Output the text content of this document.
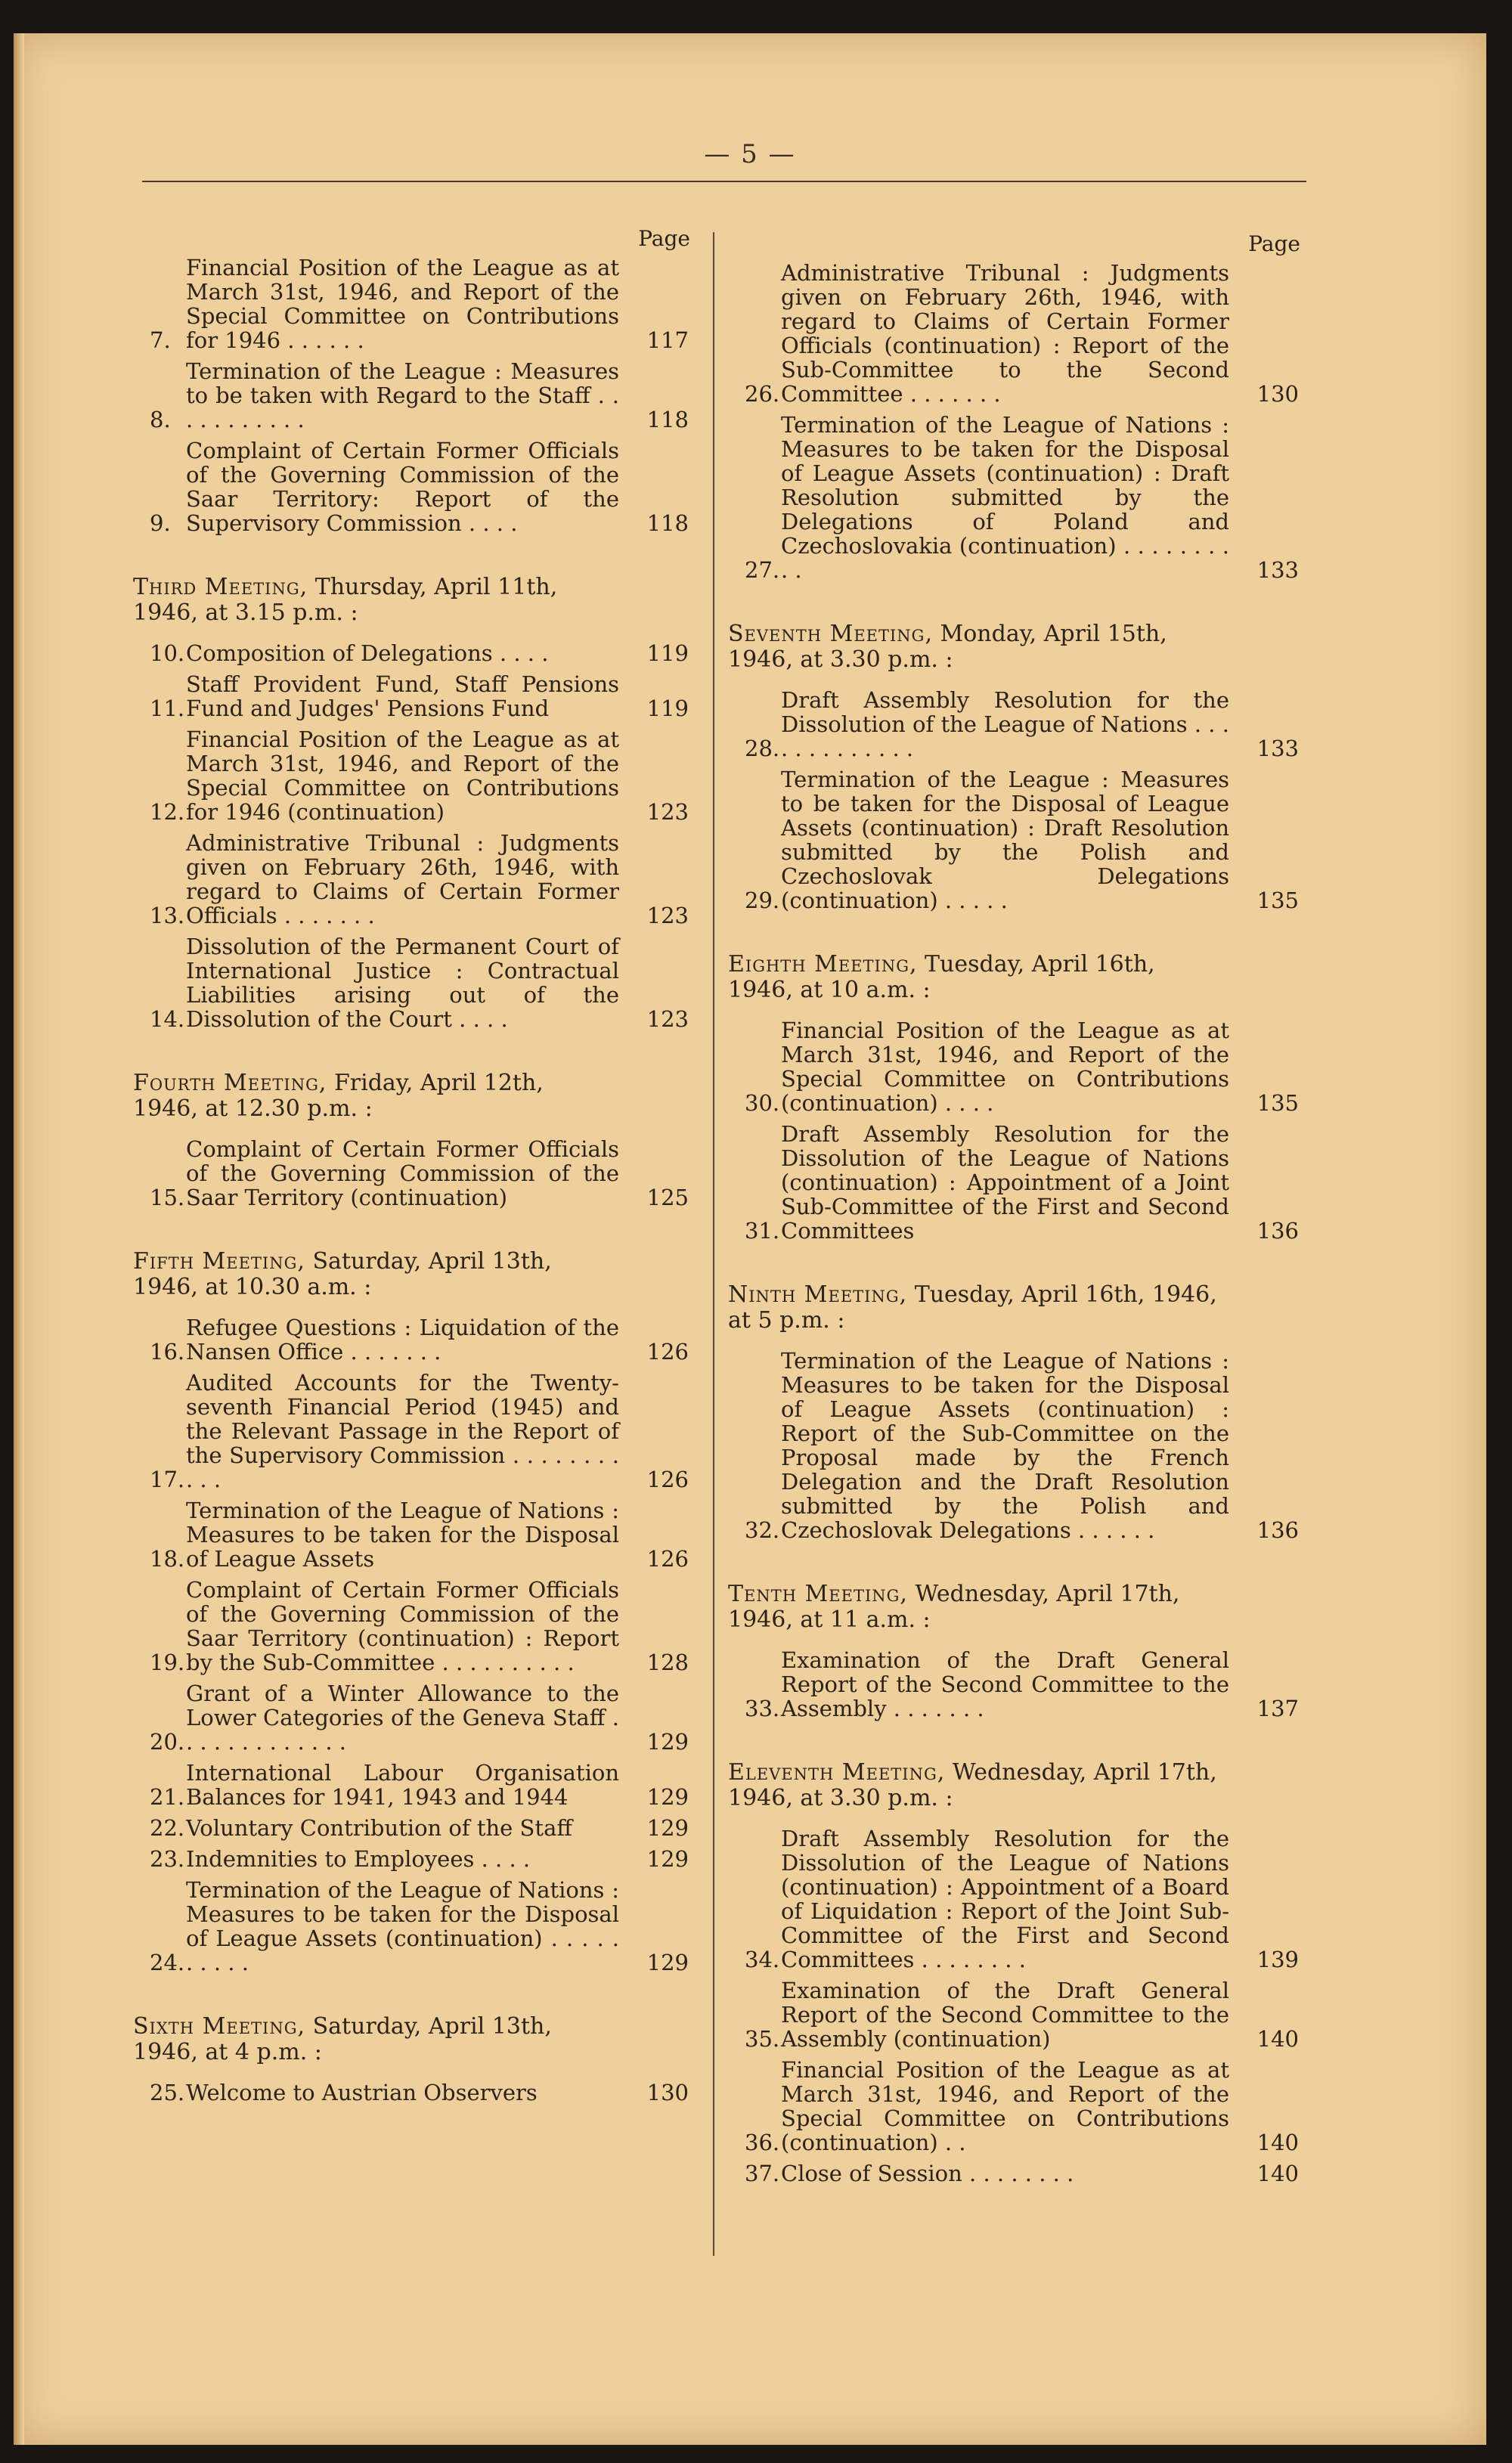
— 5 —
Page
7.
Financial Position of the League as at March 31st, 1946, and Report of the Special Committee on Contributions for 1946 . . . . . .	117
8.
Termination of the League : Measures to be taken with Regard to the Staff . . . . . . . . . . .	118
9.
Complaint of Certain Former Officials of the Governing Commission of the Saar Territory: Report of the Supervisory Commission . . . .	118
Third Meeting, Thursday, April 11th, 1946, at 3.15 p.m. :
10. Composition of Delegations . . . .	119
11.
Staff Provident Fund, Staff Pensions Fund and Judges' Pensions Fund	119
12.
Financial Position of the League as at March 31st, 1946, and Report of the Special Committee on Contributions for 1946 (continuation)	123
13.
Administrative Tribunal : Judgments given on February 26th, 1946, with regard to Claims of Certain Former Officials . . . . . . .	123
14.
Dissolution of the Permanent Court of International Justice : Contractual Liabilities arising out of the Dissolution of the Court . . . .	123
Fourth Meeting, Friday, April 12th, 1946, at 12.30 p.m. :
15.
Complaint of Certain Former Officials of the Governing Commission of the Saar Territory (continuation)	125
Fifth Meeting, Saturday, April 13th, 1946, at 10.30 a.m. :
16.
Refugee Questions : Liquidation of the Nansen Office . . . . . . .	126
17.
Audited Accounts for the Twenty-seventh Financial Period (1945) and the Relevant Passage in the Report of the Supervisory Commission . . . . . . . . . . .	126
18.
Termination of the League of Nations : Measures to be taken for the Disposal of League Assets	126
19.
Complaint of Certain Former Officials of the Governing Commission of the Saar Territory (continuation) : Report by the Sub-Committee . . . . . . . . . .	128
20.
Grant of a Winter Allowance to the Lower Categories of the Geneva Staff . . . . . . . . . . . . .	129
21.
International Labour Organisation Balances for 1941, 1943 and 1944	129
22. Voluntary Contribution of the Staff	129
23. Indemnities to Employees . . . .	129
24.
Termination of the League of Nations : Measures to be taken for the Disposal of League Assets (continuation) . . . . . . . . . .	129
Sixth Meeting, Saturday, April 13th, 1946, at 4 p.m. :
25. Welcome to Austrian Observers	130
Page
26.
Administrative Tribunal : Judgments given on February 26th, 1946, with regard to Claims of Certain Former Officials (continuation) : Report of the Sub-Committee to the Second Committee . . . . . . .	130
27.
Termination of the League of Nations : Measures to be taken for the Disposal of League Assets (continuation) : Draft Resolution submitted by the Delegations of Poland and Czechoslovakia (continuation) . . . . . . . . . .	133
Seventh Meeting, Monday, April 15th, 1946, at 3.30 p.m. :
28.
Draft Assembly Resolution for the Dissolution of the League of Nations . . . . . . . . . . . . .	133
29.
Termination of the League : Measures to be taken for the Disposal of League Assets (continuation) : Draft Resolution submitted by the Polish and Czechoslovak Delegations (continuation) . . . . .	135
Eighth Meeting, Tuesday, April 16th, 1946, at 10 a.m. :
30.
Financial Position of the League as at March 31st, 1946, and Report of the Special Committee on Contributions (continuation) . . . .	135
31.
Draft Assembly Resolution for the Dissolution of the League of Nations (continuation) : Appointment of a Joint Sub-Committee of the First and Second Committees	136
Ninth Meeting, Tuesday, April 16th, 1946, at 5 p.m. :
32.
Termination of the League of Nations : Measures to be taken for the Disposal of League Assets (continuation) : Report of the Sub-Committee on the Proposal made by the French Delegation and the Draft Resolution submitted by the Polish and Czechoslovak Delegations . . . . . .	136
Tenth Meeting, Wednesday, April 17th, 1946, at 11 a.m. :
33.
Examination of the Draft General Report of the Second Committee to the Assembly . . . . . . .	137
Eleventh Meeting, Wednesday, April 17th, 1946, at 3.30 p.m. :
34.
Draft Assembly Resolution for the Dissolution of the League of Nations (continuation) : Appointment of a Board of Liquidation : Report of the Joint Sub-Committee of the First and Second Committees . . . . . . . .	139
35.
Examination of the Draft General Report of the Second Committee to the Assembly (continuation)	140
36.
Financial Position of the League as at March 31st, 1946, and Report of the Special Committee on Contributions (continuation) . .	140
37. Close of Session . . . . . . . .	140
